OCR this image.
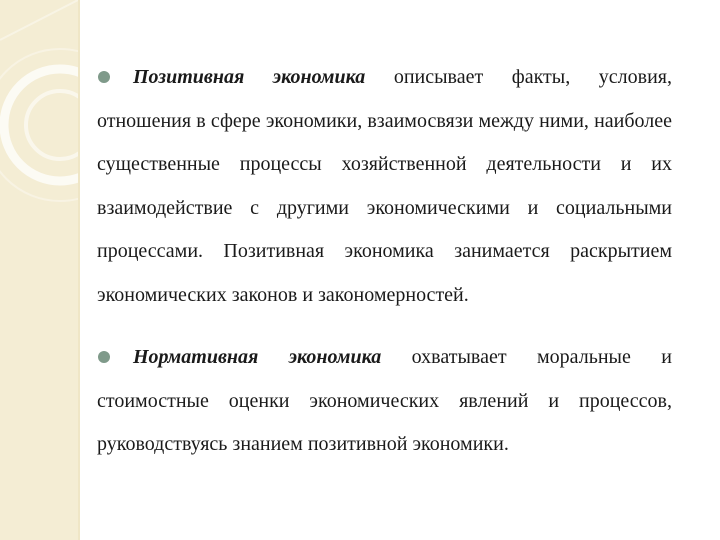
Позитивная экономика описывает факты, условия, отношения в сфере экономики, взаимосвязи между ними, наиболее существенные процессы хозяйственной деятельности и их взаимодействие с другими экономическими и социальными процессами. Позитивная экономика занимается раскрытием экономических законов и закономерностей.

Нормативная экономика охватывает моральные и стоимостные оценки экономических явлений и процессов, руководствуясь знанием позитивной экономики.
